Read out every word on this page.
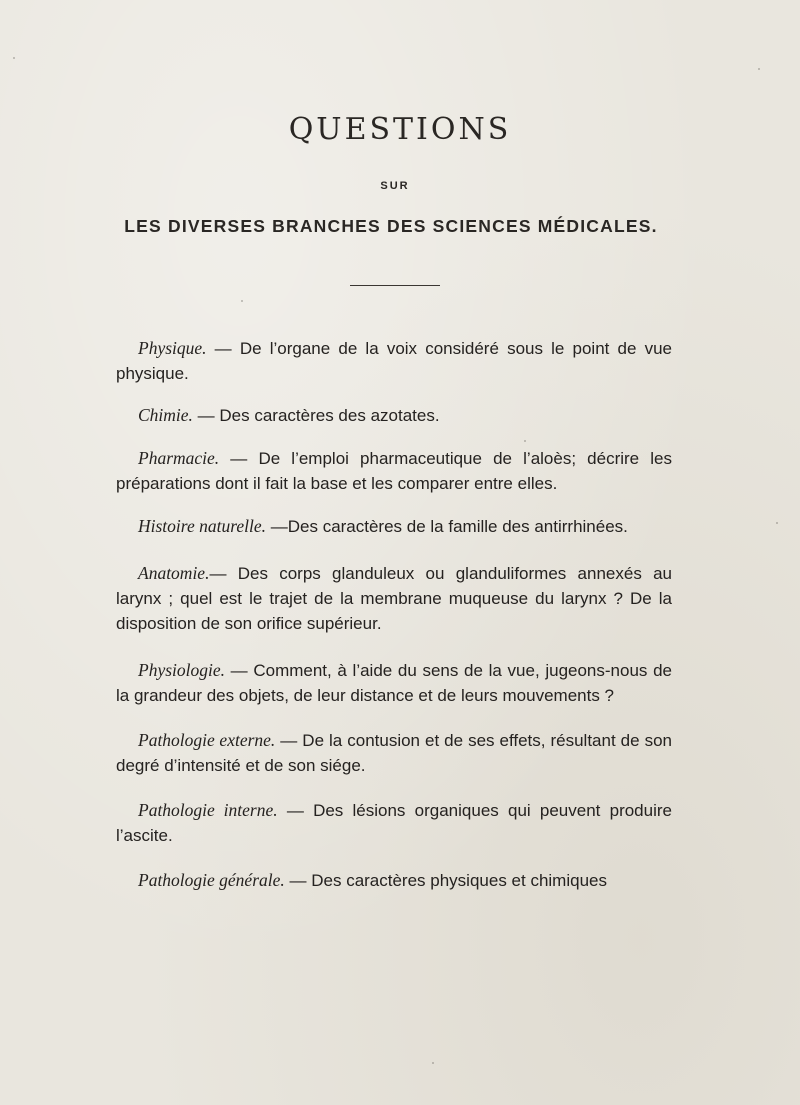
QUESTIONS
SUR
LES DIVERSES BRANCHES DES SCIENCES MÉDICALES.

Physique. — De l’organe de la voix considéré sous le point de vue physique.

Chimie. — Des caractères des azotates.

Pharmacie. — De l’emploi pharmaceutique de l’aloès; décrire les préparations dont il fait la base et les comparer entre elles.

Histoire naturelle. —Des caractères de la famille des antirrhinées.

Anatomie.— Des corps glanduleux ou glanduliformes annexés au larynx ; quel est le trajet de la membrane muqueuse du larynx ? De la disposition de son orifice supérieur.

Physiologie. — Comment, à l’aide du sens de la vue, jugeons-nous de la grandeur des objets, de leur distance et de leurs mouvements ?

Pathologie externe. — De la contusion et de ses effets, résultant de son degré d’intensité et de son siége.

Pathologie interne. — Des lésions organiques qui peuvent produire l’ascite.

Pathologie générale. — Des caractères physiques et chimiques
